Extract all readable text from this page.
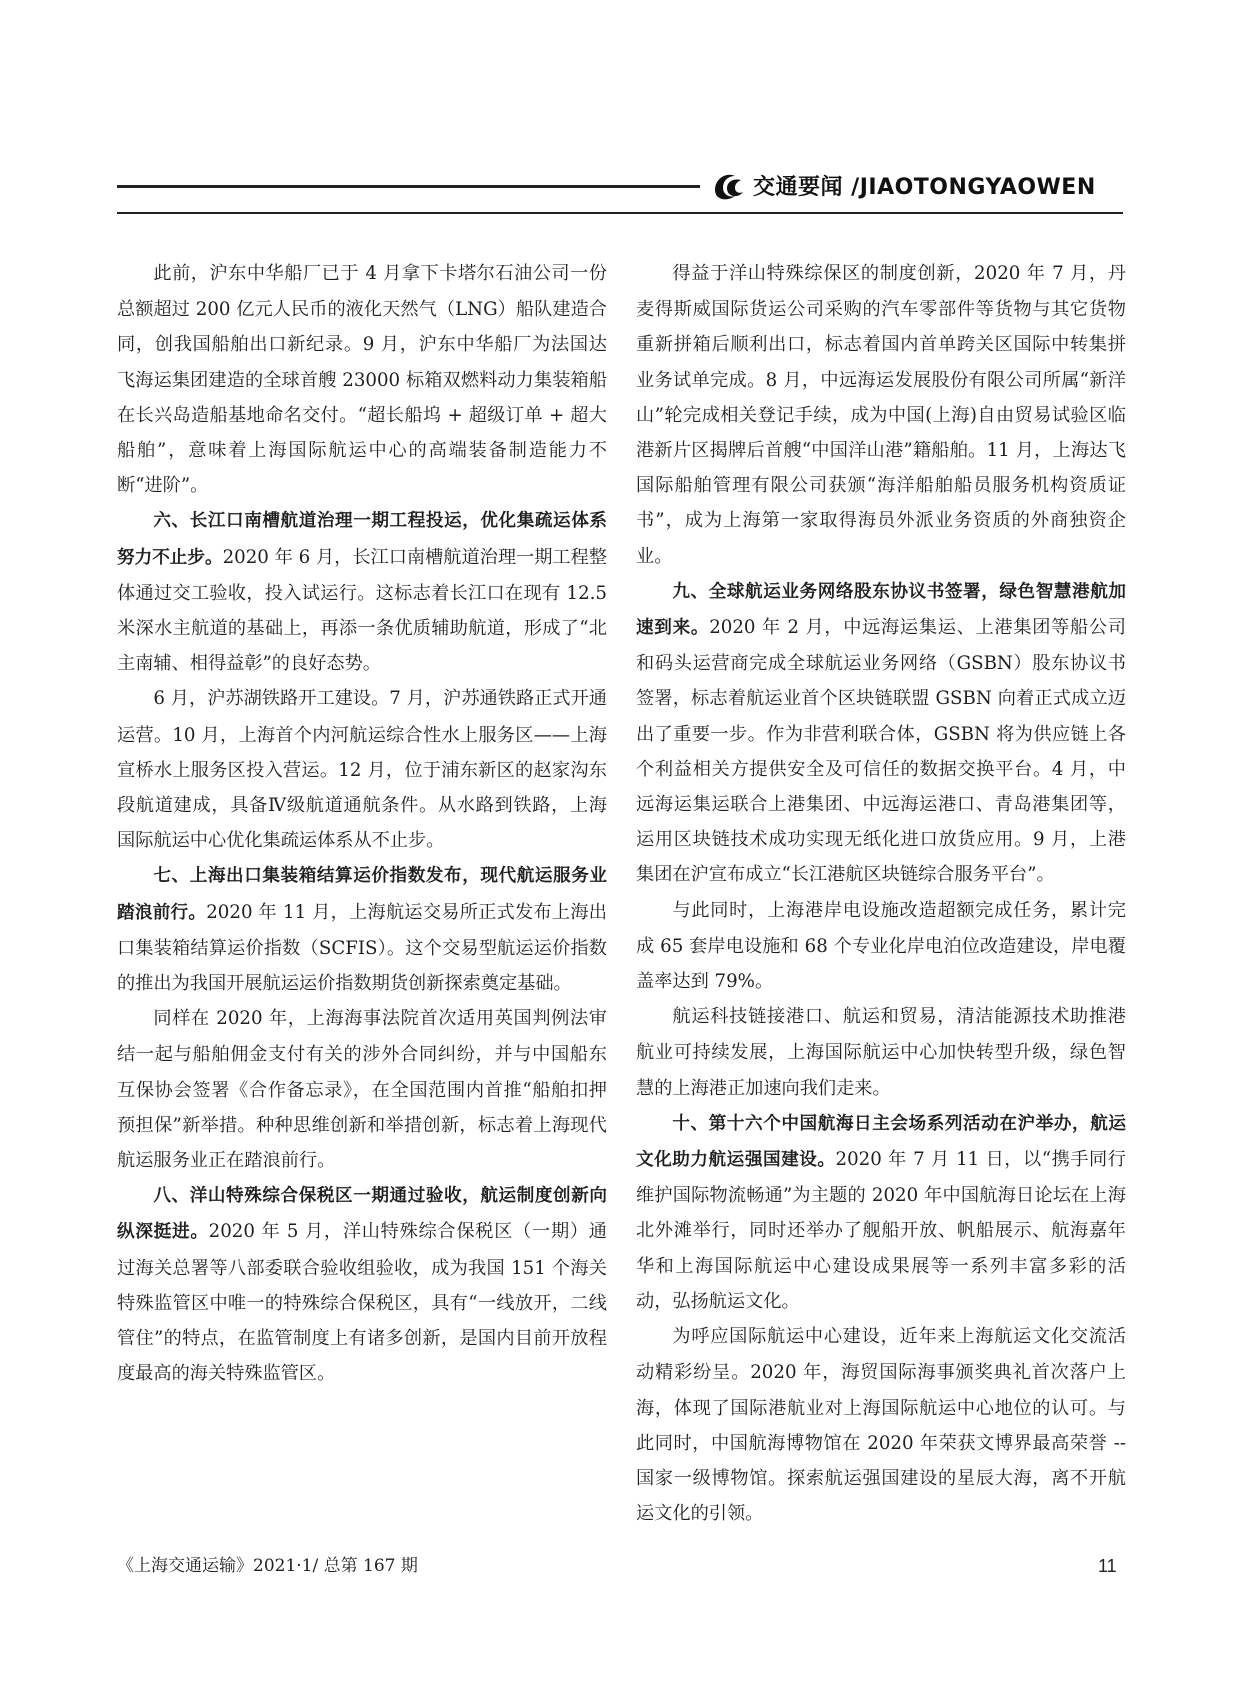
交通要闻 /JIAOTONGYAOWEN

此前，沪东中华船厂已于 4 月拿下卡塔尔石油公司一份总额超过 200 亿元人民币的液化天然气（LNG）船队建造合同，创我国船舶出口新纪录。9 月，沪东中华船厂为法国达飞海运集团建造的全球首艘 23000 标箱双燃料动力集装箱船在长兴岛造船基地命名交付。“超长船坞 + 超级订单 + 超大船舶”，意味着上海国际航运中心的高端装备制造能力不断“进阶”。

六、长江口南槽航道治理一期工程投运，优化集疏运体系努力不止步。2020 年 6 月，长江口南槽航道治理一期工程整体通过交工验收，投入试运行。这标志着长江口在现有 12.5 米深水主航道的基础上，再添一条优质辅助航道，形成了“北主南辅、相得益彰”的良好态势。

6 月，沪苏湖铁路开工建设。7 月，沪苏通铁路正式开通运营。10 月，上海首个内河航运综合性水上服务区——上海宣桥水上服务区投入营运。12 月，位于浦东新区的赵家沟东段航道建成，具备Ⅳ级航道通航条件。从水路到铁路，上海国际航运中心优化集疏运体系从不止步。

七、上海出口集装箱结算运价指数发布，现代航运服务业踏浪前行。2020 年 11 月，上海航运交易所正式发布上海出口集装箱结算运价指数（SCFIS）。这个交易型航运运价指数的推出为我国开展航运运价指数期货创新探索奠定基础。

同样在 2020 年，上海海事法院首次适用英国判例法审结一起与船舶佣金支付有关的涉外合同纠纷，并与中国船东互保协会签署《合作备忘录》，在全国范围内首推“船舶扣押预担保”新举措。种种思维创新和举措创新，标志着上海现代航运服务业正在踏浪前行。

八、洋山特殊综合保税区一期通过验收，航运制度创新向纵深挺进。2020 年 5 月，洋山特殊综合保税区（一期）通过海关总署等八部委联合验收组验收，成为我国 151 个海关特殊监管区中唯一的特殊综合保税区，具有“一线放开，二线管住”的特点，在监管制度上有诸多创新，是国内目前开放程度最高的海关特殊监管区。

得益于洋山特殊综保区的制度创新，2020 年 7 月，丹麦得斯威国际货运公司采购的汽车零部件等货物与其它货物重新拼箱后顺利出口，标志着国内首单跨关区国际中转集拼业务试单完成。8 月，中远海运发展股份有限公司所属“新洋山”轮完成相关登记手续，成为中国(上海)自由贸易试验区临港新片区揭牌后首艘“中国洋山港”籍船舶。11 月，上海达飞国际船舶管理有限公司获颁“海洋船舶船员服务机构资质证书”，成为上海第一家取得海员外派业务资质的外商独资企业。

九、全球航运业务网络股东协议书签署，绿色智慧港航加速到来。2020 年 2 月，中远海运集运、上港集团等船公司和码头运营商完成全球航运业务网络（GSBN）股东协议书签署，标志着航运业首个区块链联盟 GSBN 向着正式成立迈出了重要一步。作为非营利联合体，GSBN 将为供应链上各个利益相关方提供安全及可信任的数据交换平台。4 月，中远海运集运联合上港集团、中远海运港口、青岛港集团等，运用区块链技术成功实现无纸化进口放货应用。9 月，上港集团在沪宣布成立“长江港航区块链综合服务平台”。

与此同时，上海港岸电设施改造超额完成任务，累计完成 65 套岸电设施和 68 个专业化岸电泊位改造建设，岸电覆盖率达到 79%。

航运科技链接港口、航运和贸易，清洁能源技术助推港航业可持续发展，上海国际航运中心加快转型升级，绿色智慧的上海港正加速向我们走来。

十、第十六个中国航海日主会场系列活动在沪举办，航运文化助力航运强国建设。2020 年 7 月 11 日，以“携手同行　维护国际物流畅通”为主题的 2020 年中国航海日论坛在上海北外滩举行，同时还举办了舰船开放、帆船展示、航海嘉年华和上海国际航运中心建设成果展等一系列丰富多彩的活动，弘扬航运文化。

为呼应国际航运中心建设，近年来上海航运文化交流活动精彩纷呈。2020 年，海贸国际海事颁奖典礼首次落户上海，体现了国际港航业对上海国际航运中心地位的认可。与此同时，中国航海博物馆在 2020 年荣获文博界最高荣誉 -- 国家一级博物馆。探索航运强国建设的星辰大海，离不开航运文化的引领。

《上海交通运输》2021·1/ 总第 167 期	11
